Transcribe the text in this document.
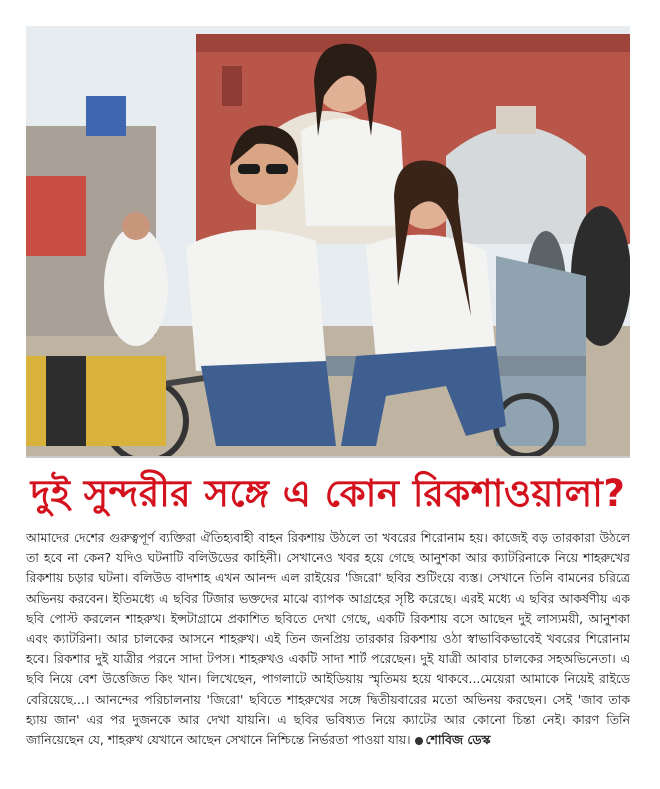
দুই সুন্দরীর সঙ্গে এ কোন রিকশাওয়ালা?

আমাদের দেশের গুরুত্বপূর্ণ ব্যক্তিরা ঐতিহ্যবাহী বাহন রিকশায় উঠলে তা খবরের শিরোনাম হয়। কাজেই বড় তারকারা উঠলে তা হবে না কেন? যদিও ঘটনাটি বলিউডের কাহিনী। সেখানেও খবর হয়ে গেছে আনুশকা আর ক্যাটরিনাকে নিয়ে শাহরুখের রিকশায় চড়ার ঘটনা। বলিউড বাদশাহ এখন আনন্দ এল রাইয়ের 'জিরো' ছবির শুটিংয়ে ব্যস্ত। সেখানে তিনি বামনের চরিত্রে অভিনয় করবেন। ইতিমধ্যে এ ছবির টিজার ভক্তদের মাঝে ব্যাপক আগ্রহের সৃষ্টি করেছে। এরই মধ্যে এ ছবির আকর্ষণীয় এক ছবি পোস্ট করলেন শাহরুখ। ইন্সটাগ্রামে প্রকাশিত ছবিতে দেখা গেছে, একটি রিকশায় বসে আছেন দুই লাস্যময়ী, আনুশকা এবং ক্যাটরিনা। আর চালকের আসনে শাহরুখ। এই তিন জনপ্রিয় তারকার রিকশায় ওঠা স্বাভাবিকভাবেই খবরের শিরোনাম হবে। রিকশার দুই যাত্রীর পরনে সাদা টপস। শাহরুখও একটি সাদা শার্ট পরেছেন। দুই যাত্রী আবার চালকের সহঅভিনেতা। এ ছবি নিয়ে বেশ উত্তেজিত কিং খান। লিখেছেন, পাগলাটে আইডিয়ায় স্মৃতিময় হয়ে থাকবে...মেয়েরা আমাকে নিয়েই রাইডে বেরিয়েছে...। আনন্দের পরিচালনায় 'জিরো' ছবিতে শাহরুখের সঙ্গে দ্বিতীয়বারের মতো অভিনয় করছেন। সেই 'জাব তাক হ্যায় জান' এর পর দুজনকে আর দেখা যায়নি। এ ছবির ভবিষ্যত নিয়ে ক্যাটের আর কোনো চিন্তা নেই। কারণ তিনি জানিয়েছেন যে, শাহরুখ যেখানে আছেন সেখানে নিশ্চিন্তে নির্ভরতা পাওয়া যায়। শোবিজ ডেস্ক
